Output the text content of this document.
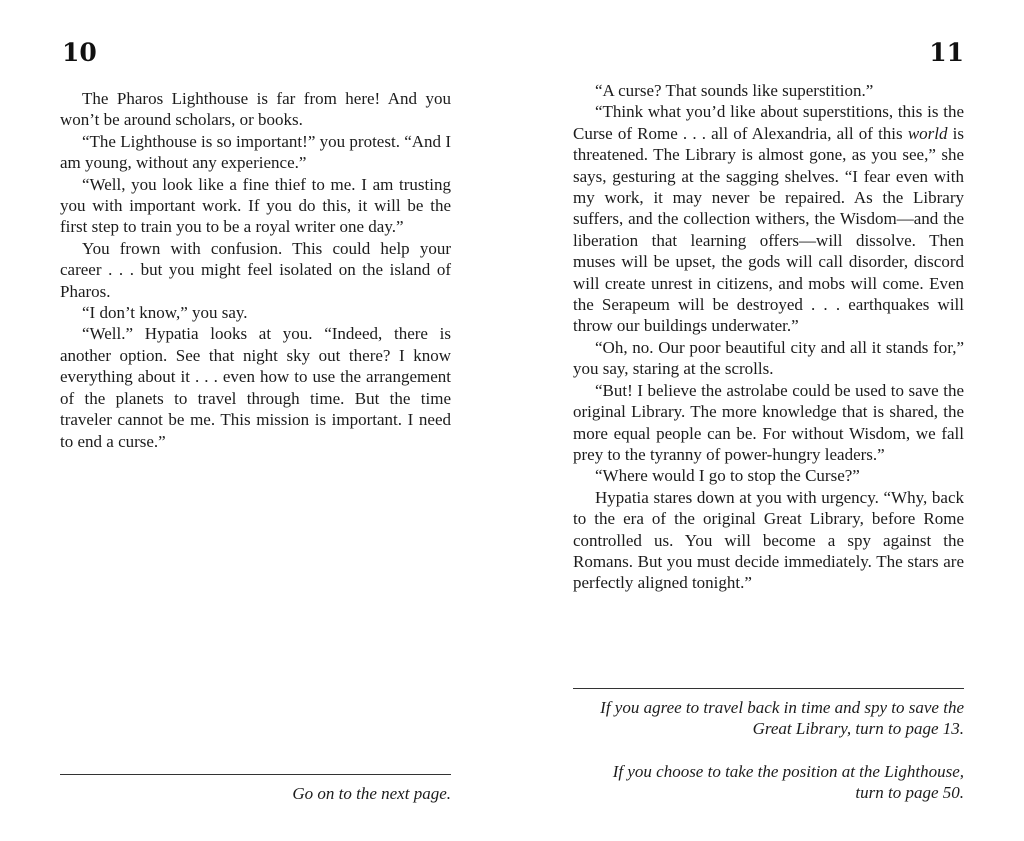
10

The Pharos Lighthouse is far from here! And you won’t be around scholars, or books.

“The Lighthouse is so important!” you protest. “And I am young, without any experience.”

“Well, you look like a fine thief to me. I am trusting you with important work. If you do this, it will be the first step to train you to be a royal writer one day.”

You frown with confusion. This could help your career . . . but you might feel isolated on the island of Pharos.

“I don’t know,” you say.

“Well.” Hypatia looks at you. “Indeed, there is another option. See that night sky out there? I know everything about it . . . even how to use the arrangement of the planets to travel through time. But the time traveler cannot be me. This mission is important. I need to end a curse.”

Go on to the next page.

11

“A curse? That sounds like superstition.”

“Think what you’d like about superstitions, this is the Curse of Rome . . . all of Alexandria, all of this world is threatened. The Library is almost gone, as you see,” she says, gesturing at the sagging shelves. “I fear even with my work, it may never be repaired. As the Library suffers, and the collection withers, the Wisdom—and the liberation that learning offers—will dissolve. Then muses will be upset, the gods will call disorder, discord will create unrest in citizens, and mobs will come. Even the Serapeum will be destroyed . . . earthquakes will throw our buildings underwater.”

“Oh, no. Our poor beautiful city and all it stands for,” you say, staring at the scrolls.

“But! I believe the astrolabe could be used to save the original Library. The more knowledge that is shared, the more equal people can be. For without Wisdom, we fall prey to the tyranny of power-hungry leaders.”

“Where would I go to stop the Curse?”

Hypatia stares down at you with urgency. “Why, back to the era of the original Great Library, before Rome controlled us. You will become a spy against the Romans. But you must decide immediately. The stars are perfectly aligned tonight.”

If you agree to travel back in time and spy to save the Great Library, turn to page 13.

If you choose to take the position at the Lighthouse, turn to page 50.
